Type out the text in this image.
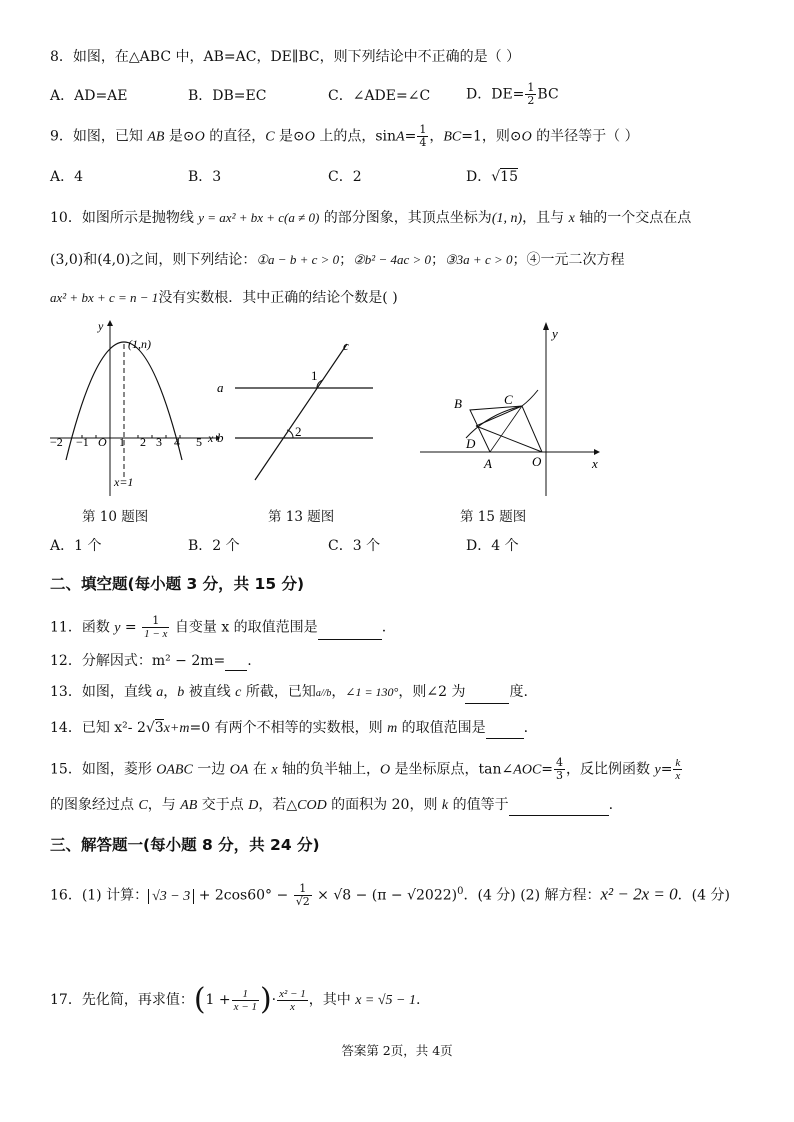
8．如图，在△ABC 中，AB=AC，DE∥BC，则下列结论中不正确的是（ ）
A．AD=AE	B．DB=EC	C．∠ADE=∠C	D．$DE= \frac{1}{2}$ BC
9．如图，已知 AB 是⊙O 的直径，C 是⊙O 上的点，$\sin A= \frac{1}{4}$ ，BC=1，则⊙O 的半径等于（ ）
A．4	B．3	C．2	D．√15
10．如图所示是抛物线 y = ax² + bx + c(a ≠ 0) 的部分图象，其顶点坐标为(1, n)，且与 x 轴的一个交点在点
(3,0)和(4,0)之间，则下列结论：①a − b + c > 0；②b² − 4ac > 0；③3a + c > 0；④一元二次方程
ax² + bx + c = n − 1没有实数根．其中正确的结论个数是( )
−2 −1 O 1 2 3 4 5 x
y
(1,n)
x=1
第 10 题图
a
b
c
1
2
第 13 题图
B	C
D
A	O	x
y
第 15 题图
A．1 个	B．2 个	C．3 个	D．4 个
二、填空题(每小题 3 分，共 15 分)
11．函数 $y = \frac{1}{1 - x}$ 自变量 x 的取值范围是	.
12．分解因式：m² − 2m= .
13．如图，直线 a，b 被直线 c 所截，已知a//b，∠1 = 130°，则∠2 为	度.
14．已知 x²- 2√3x+m=0 有两个不相等的实数根，则 m 的取值范围是	.
15．如图，菱形 OABC 一边 OA 在 x 轴的负半轴上，O 是坐标原点，tan∠AOC= $\frac{4}{3}$ ，反比例函数 $y= \frac{k}{x}$
的图象经过点 C，与 AB 交于点 D，若△COD 的面积为 20，则 k 的值等于	.
三、解答题一(每小题 8 分，共 24 分)
16．(1) 计算： $√3 - 3 + 2\cos 60^\circ - \frac{1}{√2} \times √8 - (\pi - √2022)^0$．(4 分) (2) 解方程：x² − 2x = 0．(4 分)
17．先化简，再求值：($1 + \frac{1}{x - 1}$ )· $\frac{\text{x² − 1}}{x}$ ，其中 x = √5 − 1.
答案第 2页，共 4页
